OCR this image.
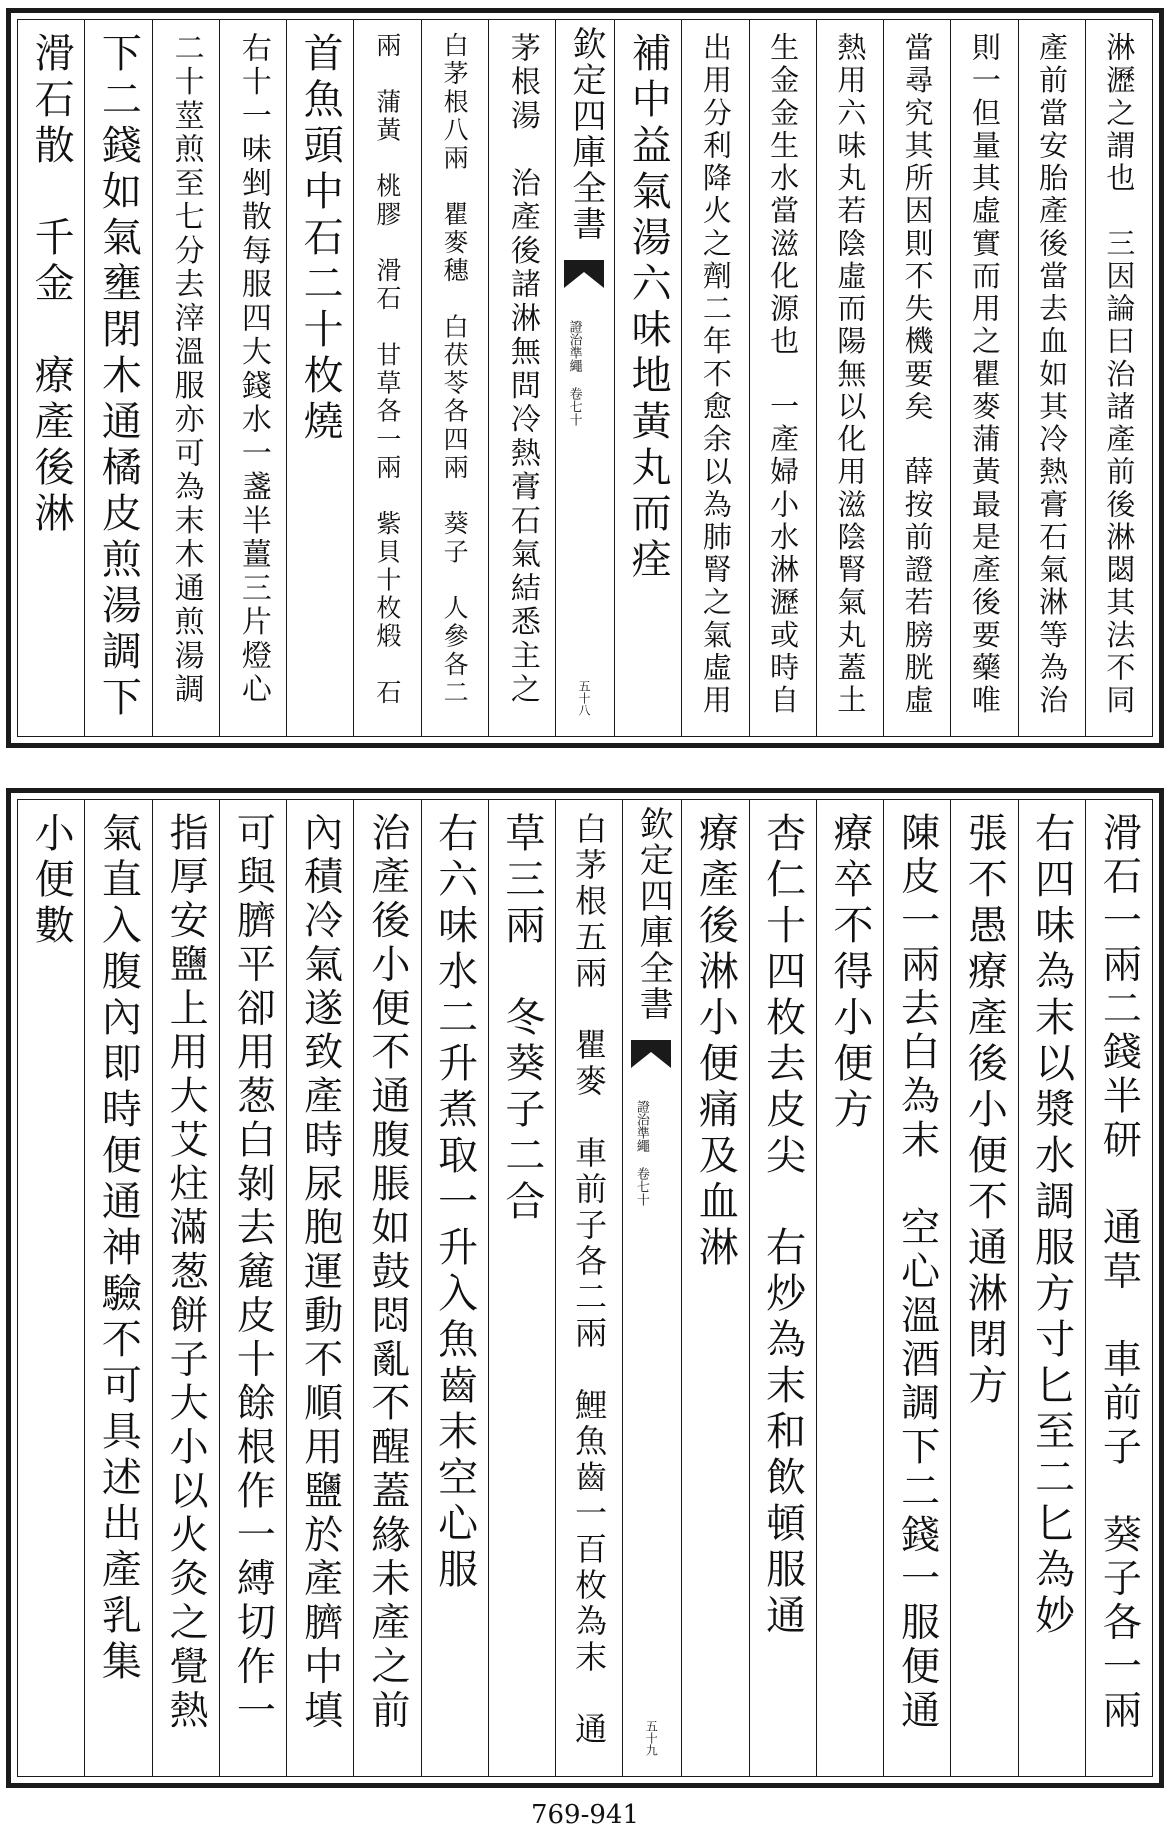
淋瀝之謂也　三因論曰治諸產前後淋閟其法不同
產前當安胎產後當去血如其冷熱膏石氣淋等為治
則一但量其虛實而用之瞿麥蒲黃最是產後要藥唯
當尋究其所因則不失機要矣　薛按前證若膀胱虛
熱用六味丸若陰虛而陽無以化用滋陰腎氣丸蓋土
生金金生水當滋化源也　一產婦小水淋瀝或時自
出用分利降火之劑二年不愈余以為肺腎之氣虛用
補中益氣湯六味地黃丸而痊
欽定四庫全書
證治準繩 卷七十
五十八
茅根湯　治產後諸淋無問冷熱膏石氣結悉主之
白茅根八兩　瞿麥穗　白茯苓各四兩　葵子　人參各二
兩　蒲黃　桃膠　滑石　甘草各一兩　紫貝十枚煅　石
首魚頭中石二十枚燒
右十一味剉散每服四大錢水一盞半薑三片燈心
二十莖煎至七分去滓溫服亦可為末木通煎湯調
下二錢如氣壅閉木通橘皮煎湯調下
滑石散　千金　療產後淋
滑石一兩二錢半研　通草　車前子　葵子各一兩
右四味為末以漿水調服方寸匕至二匕為妙
張不愚療產後小便不通淋閉方
陳皮一兩去白為末　空心溫酒調下二錢一服便通
療卒不得小便方
杏仁十四枚去皮尖　右炒為末和飲頓服通
療產後淋小便痛及血淋
欽定四庫全書
證治準繩 卷七十
五十九
白茅根五兩　瞿麥　車前子各二兩　鯉魚齒一百枚為末　通
草三兩　冬葵子二合
右六味水二升煮取一升入魚齒末空心服
治產後小便不通腹脹如鼓悶亂不醒蓋緣未產之前
內積冷氣遂致產時尿胞運動不順用鹽於產臍中填
可與臍平卻用葱白剝去麄皮十餘根作一縛切作一
指厚安鹽上用大艾炷滿葱餅子大小以火灸之覺熱
氣直入腹內即時便通神驗不可具述出產乳集
小便數
769-941
